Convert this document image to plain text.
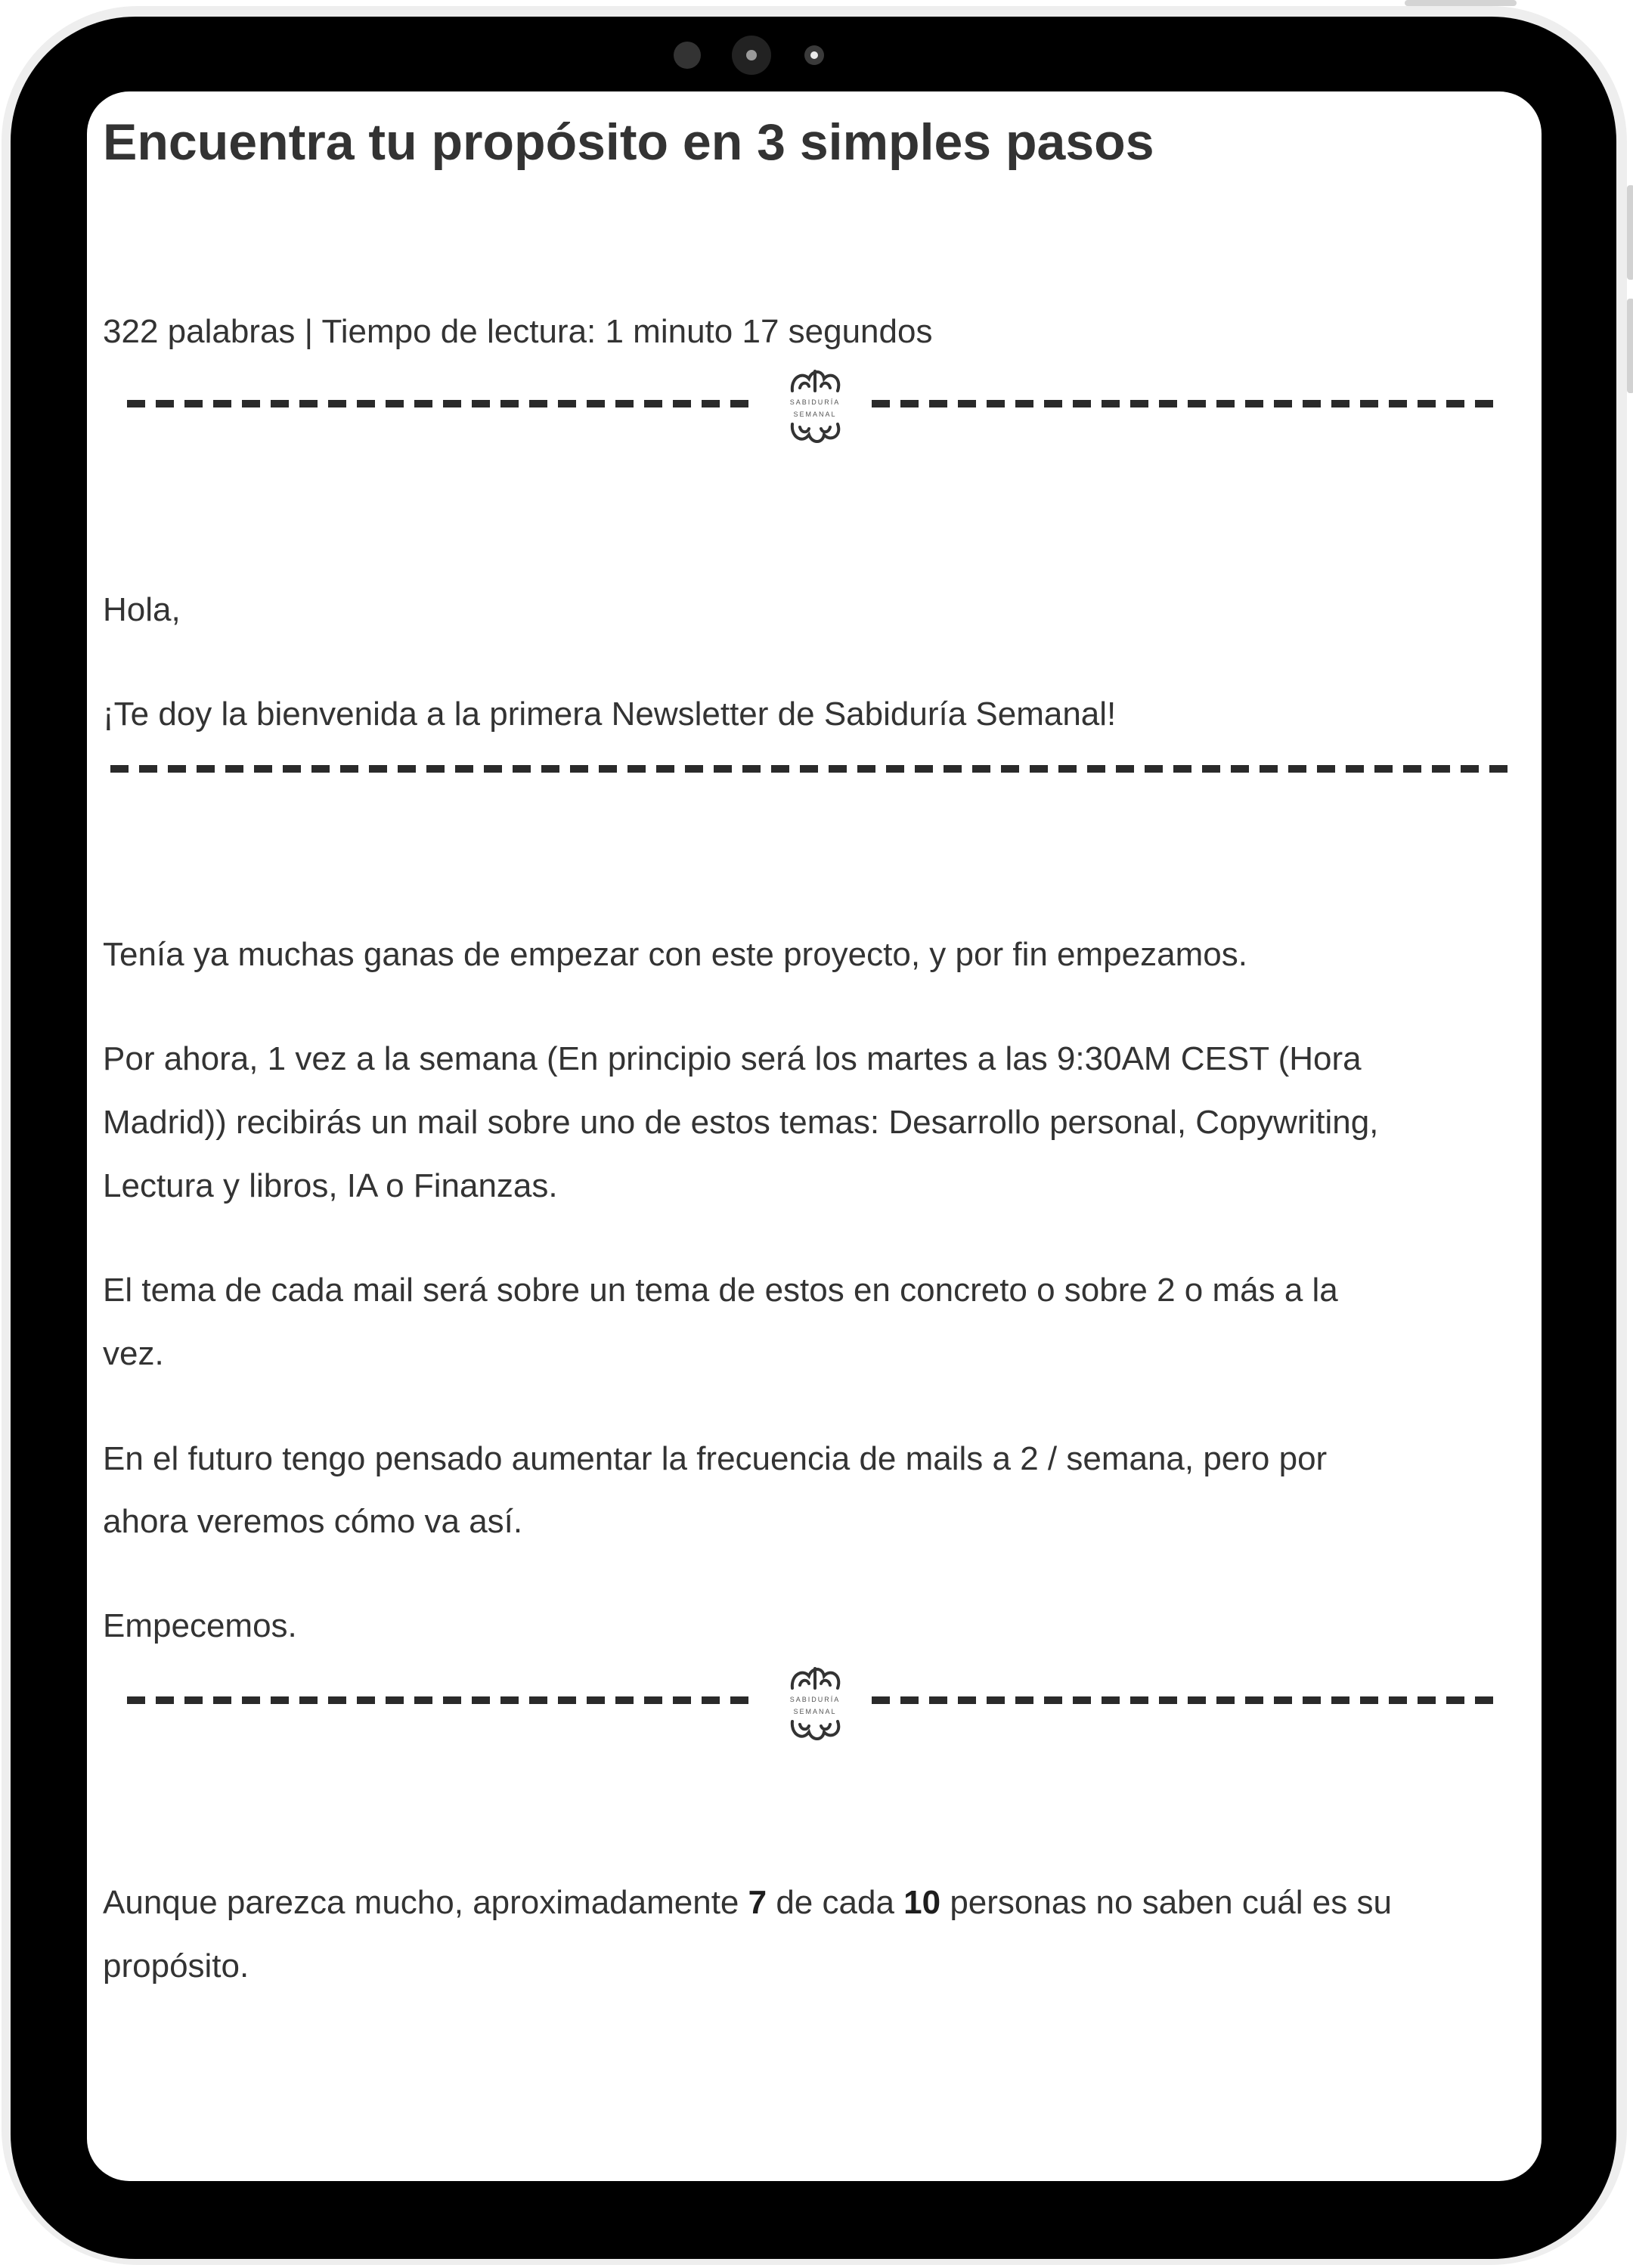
Encuentra tu propósito en 3 simples pasos

322 palabras | Tiempo de lectura: 1 minuto 17 segundos

SABIDURÍA
SEMANAL

Hola,

¡Te doy la bienvenida a la primera Newsletter de Sabiduría Semanal!

Tenía ya muchas ganas de empezar con este proyecto, y por fin empezamos.

Por ahora, 1 vez a la semana (En principio será los martes a las 9:30AM CEST (Hora

Madrid)) recibirás un mail sobre uno de estos temas: Desarrollo personal, Copywriting,

Lectura y libros, IA o Finanzas.

El tema de cada mail será sobre un tema de estos en concreto o sobre 2 o más a la

vez.

En el futuro tengo pensado aumentar la frecuencia de mails a 2 / semana, pero por

ahora veremos cómo va así.

Empecemos.

SABIDURÍA
SEMANAL

Aunque parezca mucho, aproximadamente 7 de cada 10 personas no saben cuál es su

propósito.
